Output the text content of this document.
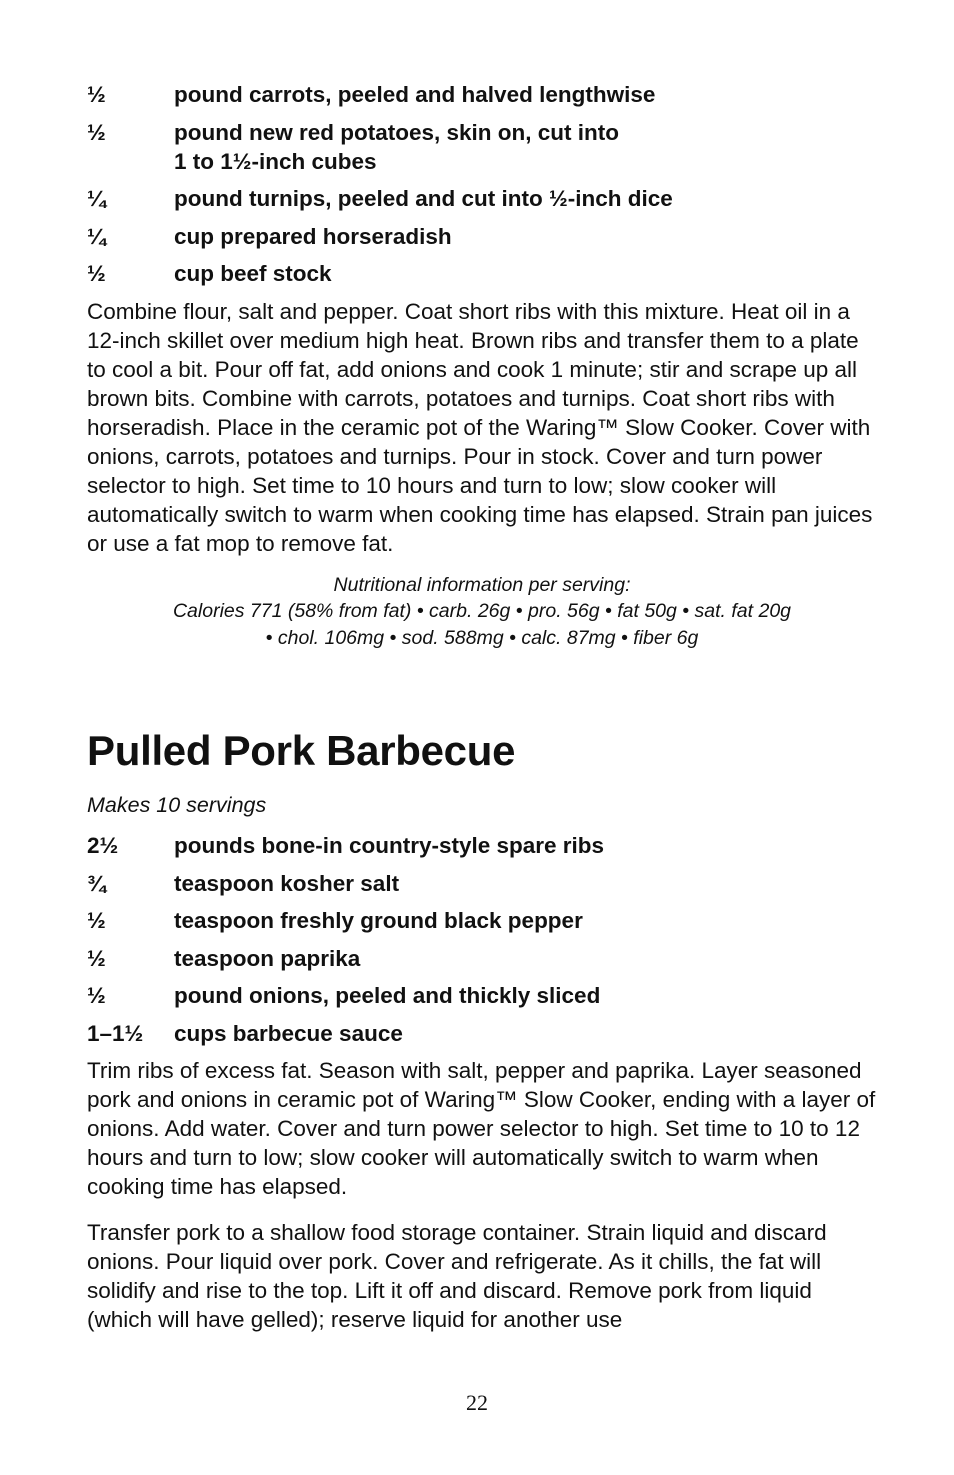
½	pound carrots, peeled and halved lengthwise
½	pound new red potatoes, skin on, cut into
1 to 1½-inch cubes
¼	pound turnips, peeled and cut into ½-inch dice
¼	cup prepared horseradish
½	cup beef stock

Combine flour, salt and pepper. Coat short ribs with this mixture. Heat oil in a 12-inch skillet over medium high heat. Brown ribs and transfer them to a plate to cool a bit. Pour off fat, add onions and cook 1 minute; stir and scrape up all brown bits. Combine with carrots, potatoes and turnips. Coat short ribs with horseradish. Place in the ceramic pot of the Waring™ Slow Cooker. Cover with onions, carrots, potatoes and turnips. Pour in stock. Cover and turn power selector to high. Set time to 10 hours and turn to low; slow cooker will automatically switch to warm when cooking time has elapsed. Strain pan juices or use a fat mop to remove fat.

Nutritional information per serving:
Calories 771 (58% from fat) • carb. 26g • pro. 56g • fat 50g • sat. fat 20g
• chol. 106mg • sod. 588mg • calc. 87mg • fiber 6g
Pulled Pork Barbecue
Makes 10 servings
2½	pounds bone-in country-style spare ribs
¾	teaspoon kosher salt
½	teaspoon freshly ground black pepper
½	teaspoon paprika
½	pound onions, peeled and thickly sliced
1–1½	cups barbecue sauce

Trim ribs of excess fat. Season with salt, pepper and paprika. Layer seasoned pork and onions in ceramic pot of Waring™ Slow Cooker, ending with a layer of onions. Add water. Cover and turn power selector to high. Set time to 10 to 12 hours and turn to low; slow cooker will automatically switch to warm when cooking time has elapsed.

Transfer pork to a shallow food storage container. Strain liquid and discard onions. Pour liquid over pork. Cover and refrigerate. As it chills, the fat will solidify and rise to the top. Lift it off and discard. Remove pork from liquid (which will have gelled); reserve liquid for another use

22
